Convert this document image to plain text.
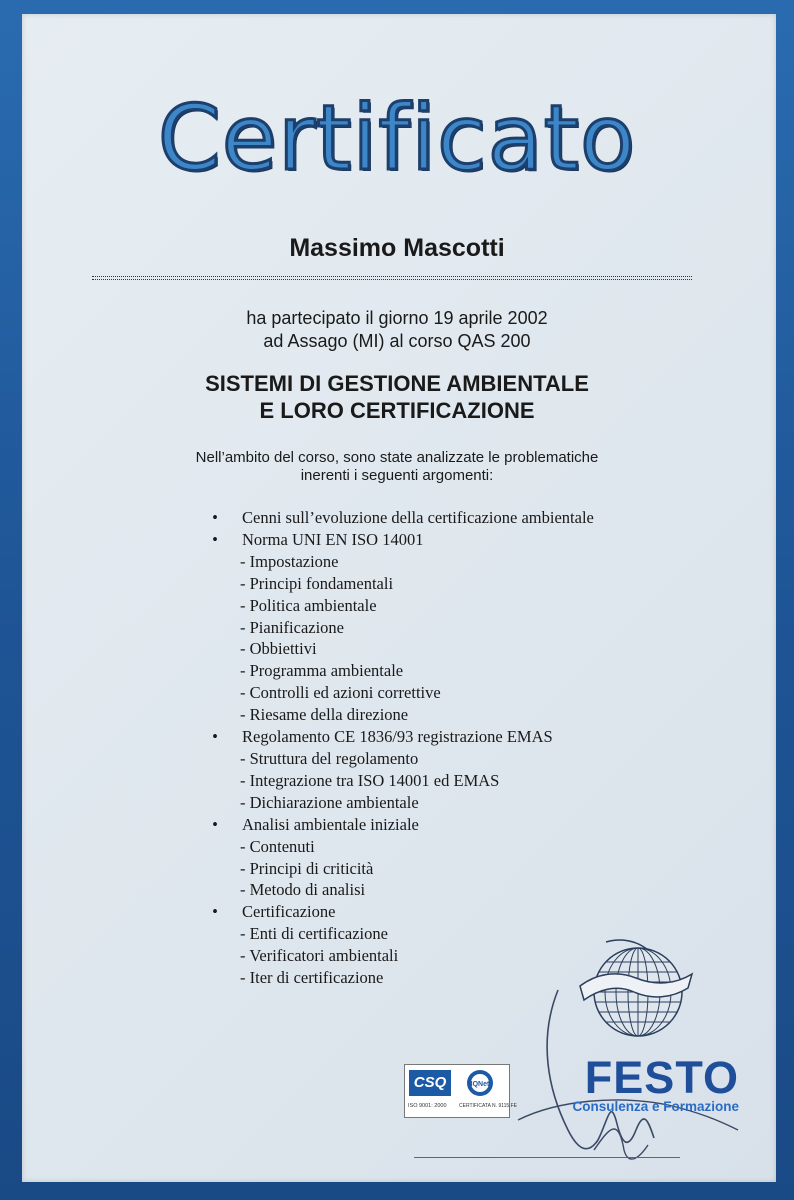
Certificato
Massimo Mascotti
ha partecipato il giorno 19 aprile 2002
ad Assago (MI) al corso QAS 200
SISTEMI DI GESTIONE AMBIENTALE
E LORO CERTIFICAZIONE
Nell’ambito del corso, sono state analizzate le problematiche
inerenti i seguenti argomenti:
• Cenni sull’evoluzione della certificazione ambientale
• Norma UNI EN ISO 14001
- Impostazione
- Principi fondamentali
- Politica ambientale
- Pianificazione
- Obbiettivi
- Programma ambientale
- Controlli ed azioni correttive
- Riesame della direzione
• Regolamento CE 1836/93 registrazione EMAS
- Struttura del regolamento
- Integrazione tra ISO 14001 ed EMAS
- Dichiarazione ambientale
• Analisi ambientale iniziale
- Contenuti
- Principi di criticità
- Metodo di analisi
• Certificazione
- Enti di certificazione
- Verificatori ambientali
- Iter di certificazione
CSQ	IQNet
ISO 9001: 2000 CERTIFICATA N. 9115.FE
FESTO
Consulenza e Formazione
